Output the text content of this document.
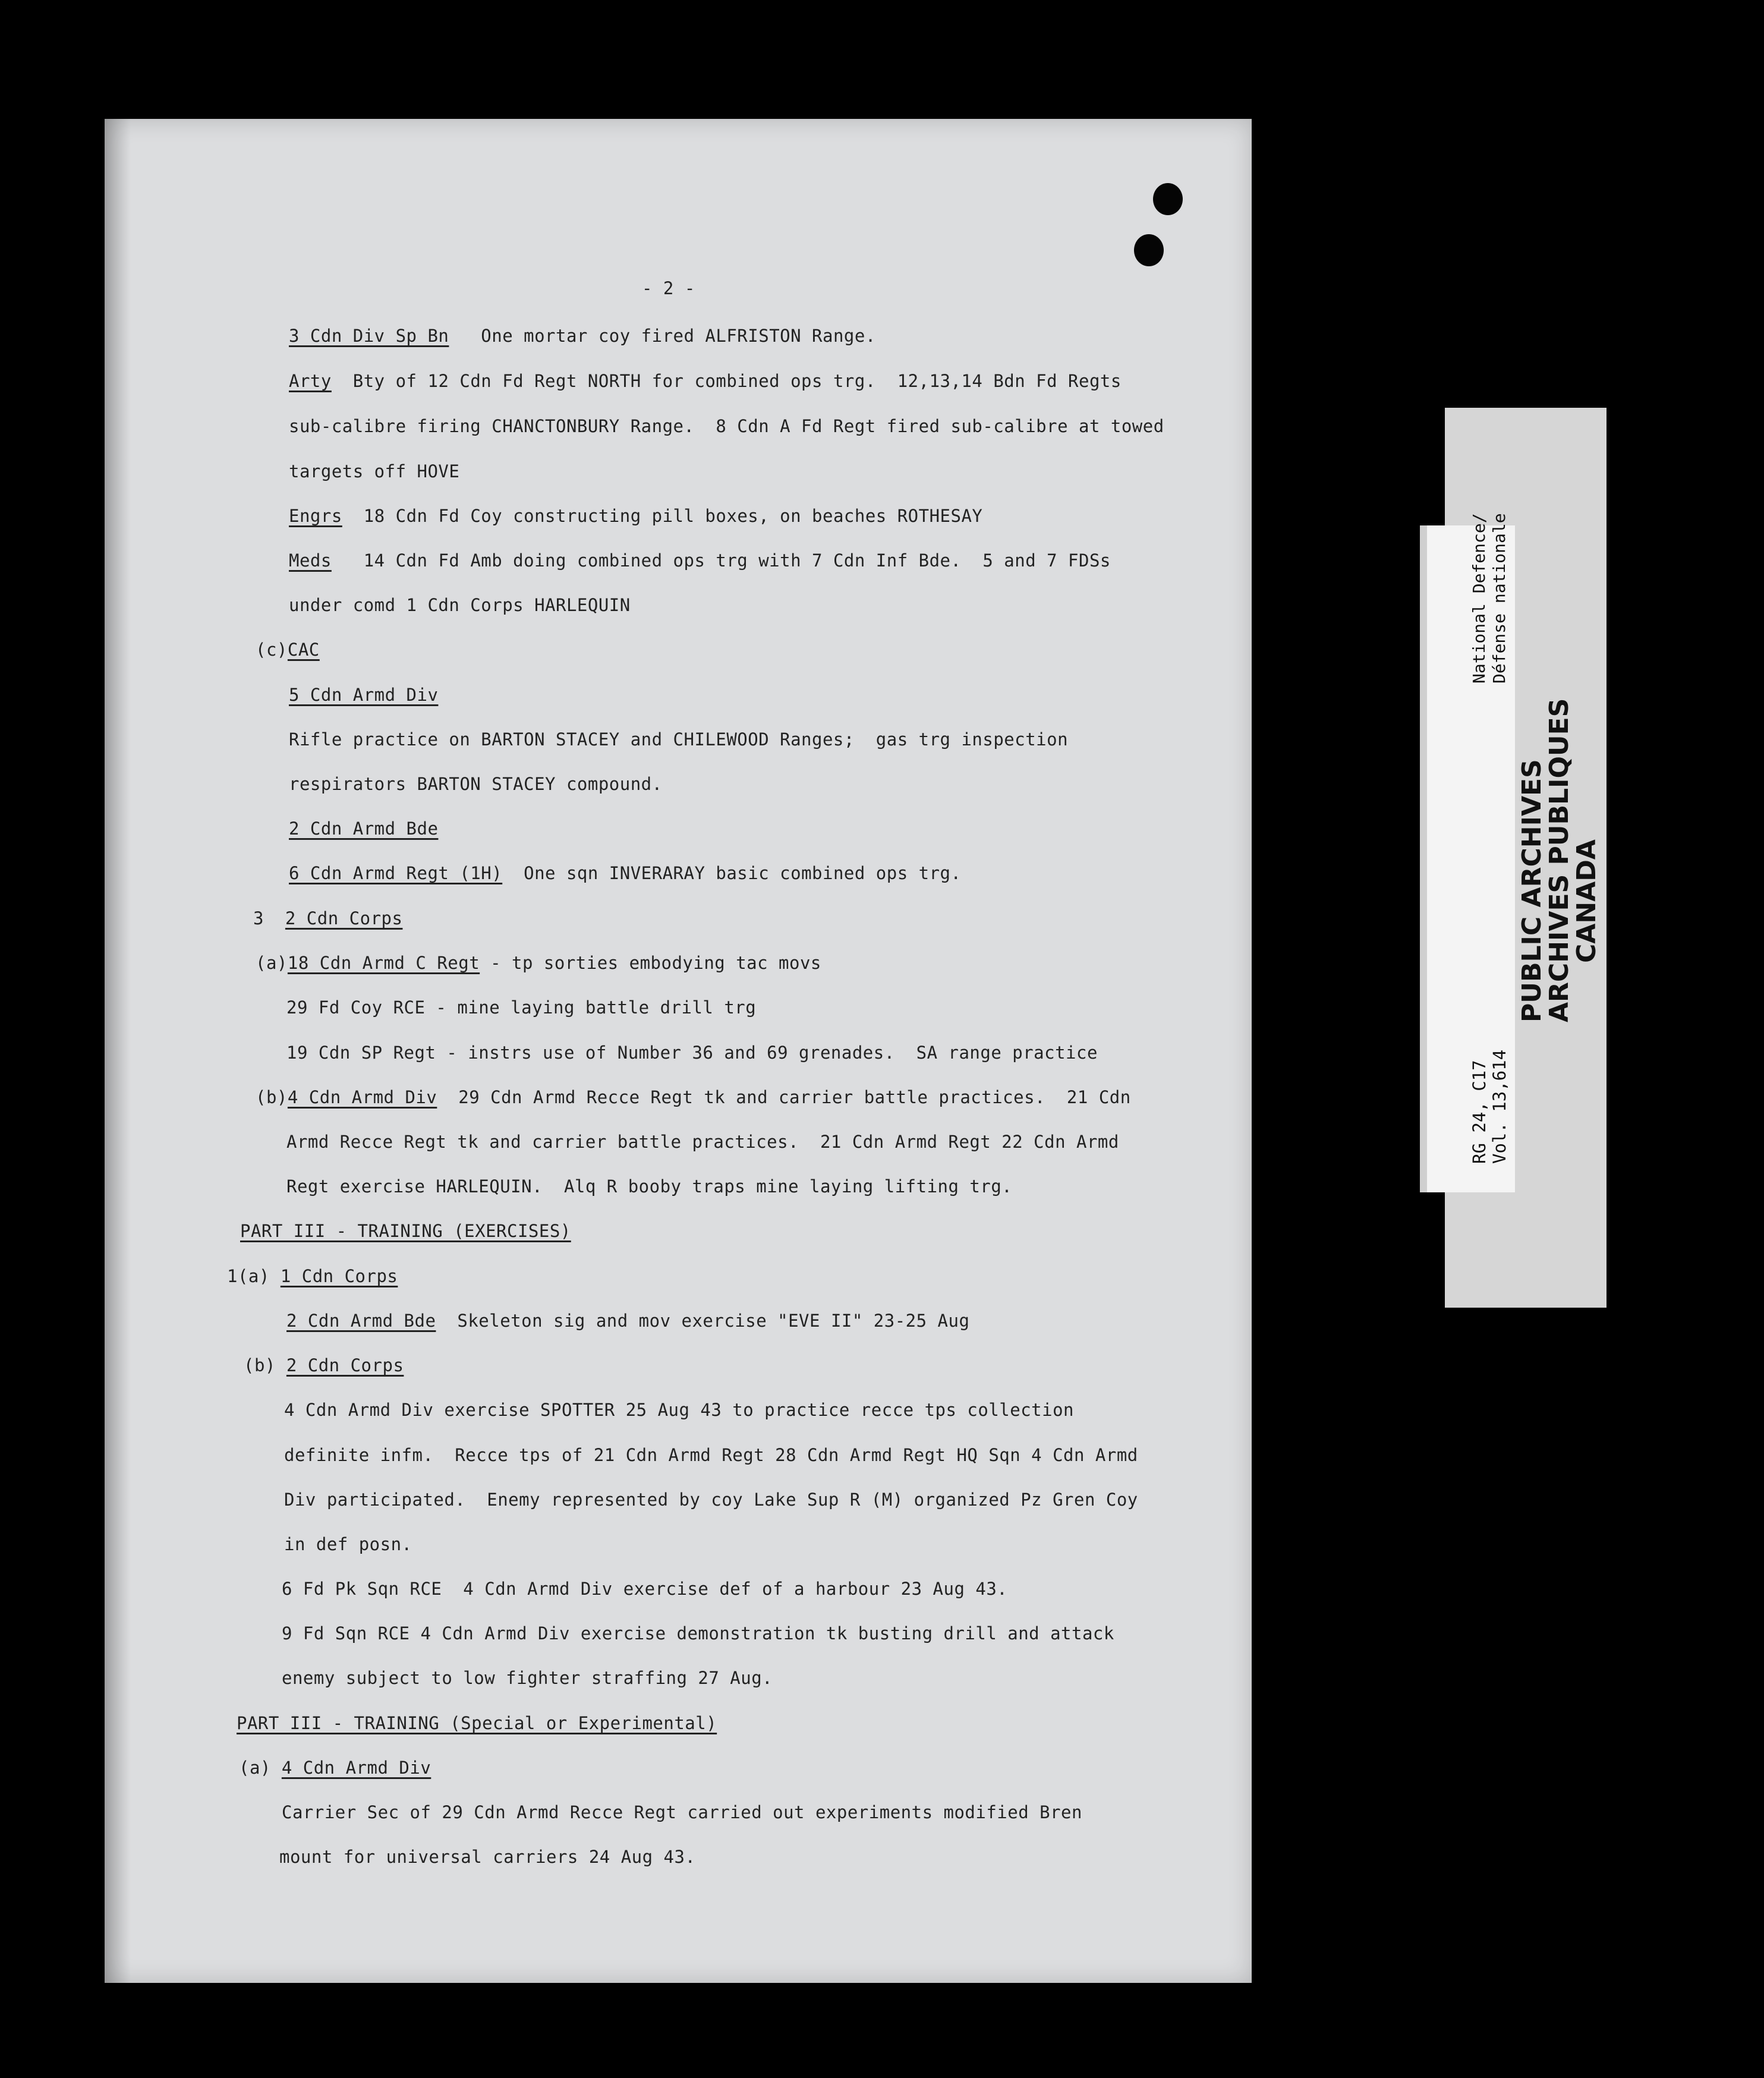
- 2 -
3 Cdn Div Sp Bn   One mortar coy fired ALFRISTON Range.
Arty  Bty of 12 Cdn Fd Regt NORTH for combined ops trg.  12,13,14 Bdn Fd Regts
sub-calibre firing CHANCTONBURY Range.  8 Cdn A Fd Regt fired sub-calibre at towed
targets off HOVE
Engrs  18 Cdn Fd Coy constructing pill boxes, on beaches ROTHESAY
Meds   14 Cdn Fd Amb doing combined ops trg with 7 Cdn Inf Bde.  5 and 7 FDSs
under comd 1 Cdn Corps HARLEQUIN
(c)CAC
5 Cdn Armd Div
Rifle practice on BARTON STACEY and CHILEWOOD Ranges;  gas trg inspection
respirators BARTON STACEY compound.
2 Cdn Armd Bde
6 Cdn Armd Regt (1H)  One sqn INVERARAY basic combined ops trg.
3  2 Cdn Corps
(a)18 Cdn Armd C Regt - tp sorties embodying tac movs
29 Fd Coy RCE - mine laying battle drill trg
19 Cdn SP Regt - instrs use of Number 36 and 69 grenades.  SA range practice
(b)4 Cdn Armd Div  29 Cdn Armd Recce Regt tk and carrier battle practices.  21 Cdn
Armd Recce Regt tk and carrier battle practices.  21 Cdn Armd Regt 22 Cdn Armd
Regt exercise HARLEQUIN.  Alq R booby traps mine laying lifting trg.
PART III - TRAINING (EXERCISES)
1(a) 1 Cdn Corps
2 Cdn Armd Bde  Skeleton sig and mov exercise "EVE II" 23-25 Aug
(b) 2 Cdn Corps
4 Cdn Armd Div exercise SPOTTER 25 Aug 43 to practice recce tps collection
definite infm.  Recce tps of 21 Cdn Armd Regt 28 Cdn Armd Regt HQ Sqn 4 Cdn Armd
Div participated.  Enemy represented by coy Lake Sup R (M) organized Pz Gren Coy
in def posn.
6 Fd Pk Sqn RCE  4 Cdn Armd Div exercise def of a harbour 23 Aug 43.
9 Fd Sqn RCE 4 Cdn Armd Div exercise demonstration tk busting drill and attack
enemy subject to low fighter straffing 27 Aug.
PART III - TRAINING (Special or Experimental)
(a) 4 Cdn Armd Div
Carrier Sec of 29 Cdn Armd Recce Regt carried out experiments modified Bren
mount for universal carriers 24 Aug 43.
RG 24, C17 Vol. 13,614
National Defence/ Défense nationale
PUBLIC ARCHIVES
ARCHIVES PUBLIQUES
CANADA
